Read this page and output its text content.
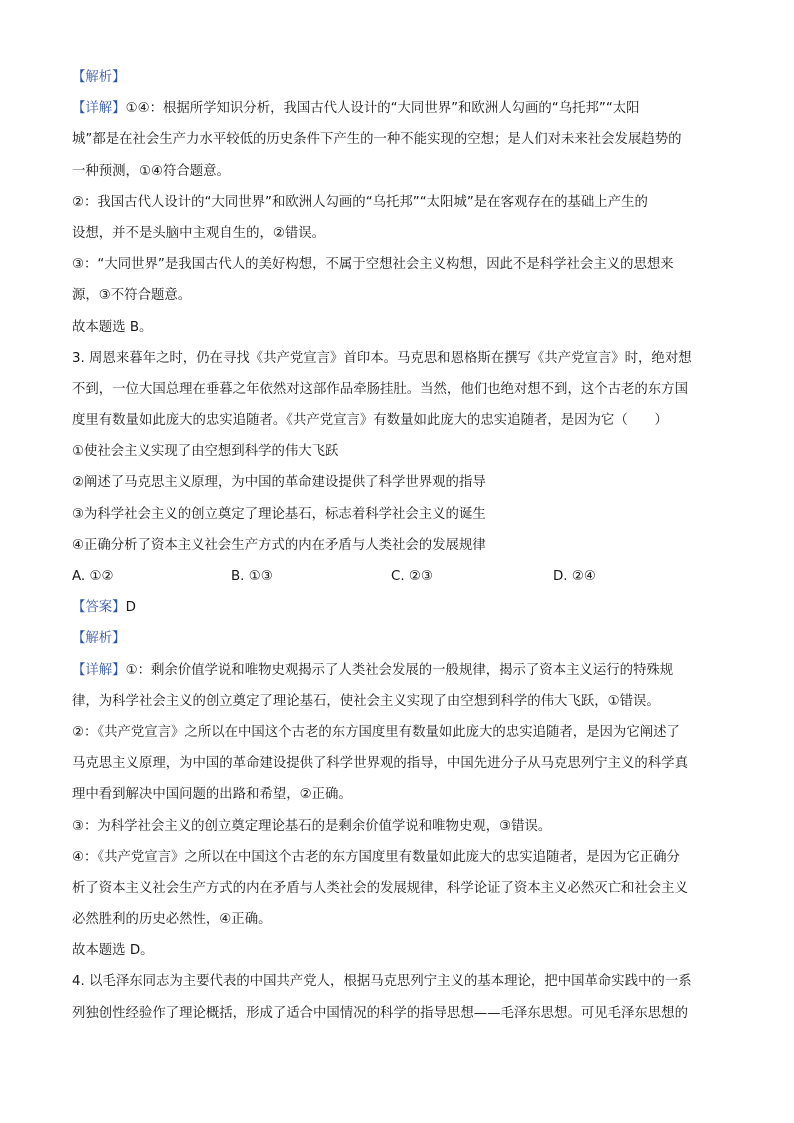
【解析】
【详解】①④：根据所学知识分析，我国古代人设计的“大同世界”和欧洲人勾画的“乌托邦”“太阳
城”都是在社会生产力水平较低的历史条件下产生的一种不能实现的空想；是人们对未来社会发展趋势的
一种预测，①④符合题意。
②：我国古代人设计的“大同世界”和欧洲人勾画的“乌托邦”“太阳城”是在客观存在的基础上产生的
设想，并不是头脑中主观自生的，②错误。
③：“大同世界”是我国古代人的美好构想，不属于空想社会主义构想，因此不是科学社会主义的思想来
源，③不符合题意。
故本题选 B。
3. 周恩来暮年之时，仍在寻找《共产党宣言》首印本。马克思和恩格斯在撰写《共产党宣言》时，绝对想
不到，一位大国总理在垂暮之年依然对这部作品牵肠挂肚。当然，他们也绝对想不到，这个古老的东方国
度里有数量如此庞大的忠实追随者。《共产党宣言》有数量如此庞大的忠实追随者，是因为它（　　）
①使社会主义实现了由空想到科学的伟大飞跃
②阐述了马克思主义原理，为中国的革命建设提供了科学世界观的指导
③为科学社会主义的创立奠定了理论基石，标志着科学社会主义的诞生
④正确分析了资本主义社会生产方式的内在矛盾与人类社会的发展规律
A. ①②	B. ①③	C. ②③	D. ②④
【答案】D
【解析】
【详解】①：剩余价值学说和唯物史观揭示了人类社会发展的一般规律，揭示了资本主义运行的特殊规
律，为科学社会主义的创立奠定了理论基石，使社会主义实现了由空想到科学的伟大飞跃，①错误。
②：《共产党宣言》之所以在中国这个古老的东方国度里有数量如此庞大的忠实追随者，是因为它阐述了
马克思主义原理，为中国的革命建设提供了科学世界观的指导，中国先进分子从马克思列宁主义的科学真
理中看到解决中国问题的出路和希望，②正确。
③：为科学社会主义的创立奠定理论基石的是剩余价值学说和唯物史观，③错误。
④：《共产党宣言》之所以在中国这个古老的东方国度里有数量如此庞大的忠实追随者，是因为它正确分
析了资本主义社会生产方式的内在矛盾与人类社会的发展规律，科学论证了资本主义必然灭亡和社会主义
必然胜利的历史必然性，④正确。
故本题选 D。
4. 以毛泽东同志为主要代表的中国共产党人，根据马克思列宁主义的基本理论，把中国革命实践中的一系
列独创性经验作了理论概括，形成了适合中国情况的科学的指导思想——毛泽东思想。可见毛泽东思想的
